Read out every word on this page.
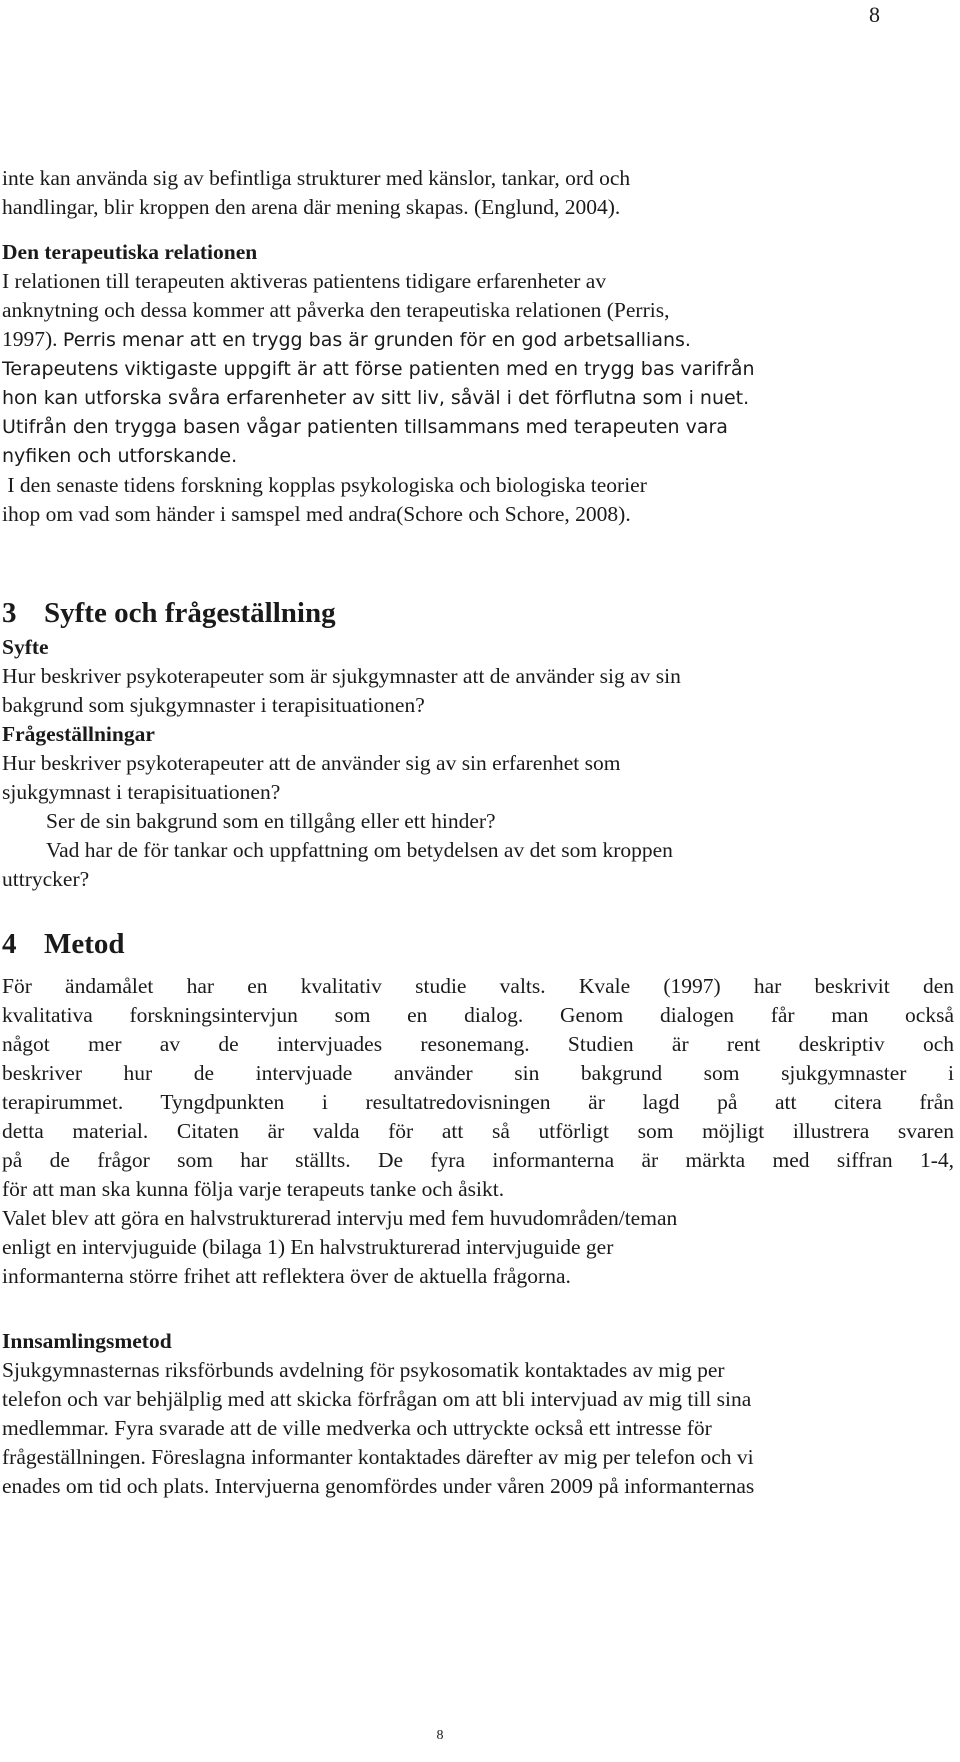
8

inte kan använda sig av befintliga strukturer med känslor, tankar, ord och

handlingar, blir kroppen den arena där mening skapas. (Englund, 2004).

Den terapeutiska relationen

I relationen till terapeuten aktiveras patientens tidigare erfarenheter av

anknytning och dessa kommer att påverka den terapeutiska relationen (Perris,

1997). Perris menar att en trygg bas är grunden för en god arbetsallians.

Terapeutens viktigaste uppgift är att förse patienten med en trygg bas varifrån

hon kan utforska svåra erfarenheter av sitt liv, såväl i det förflutna som i nuet.

Utifrån den trygga basen vågar patienten tillsammans med terapeuten vara

nyfiken och utforskande.

I den senaste tidens forskning kopplas psykologiska och biologiska teorier

ihop om vad som händer i samspel med andra(Schore och Schore, 2008).

3 Syfte och frågeställning

Syfte

Hur beskriver psykoterapeuter som är sjukgymnaster att de använder sig av sin

bakgrund som sjukgymnaster i terapisituationen?

Frågeställningar

Hur beskriver psykoterapeuter att de använder sig av sin erfarenhet som

sjukgymnast i terapisituationen?

Ser de sin bakgrund som en tillgång eller ett hinder?

Vad har de för tankar och uppfattning om betydelsen av det som kroppen

uttrycker?

4 Metod
För ändamålet har en kvalitativ studie valts. Kvale (1997) har beskrivit den
kvalitativa forskningsintervjun som en dialog. Genom dialogen får man också
något mer av de intervjuades resonemang. Studien är rent deskriptiv och
beskriver hur de intervjuade använder sin bakgrund som sjukgymnaster i
terapirummet. Tyngdpunkten i resultatredovisningen är lagd på att citera från
detta material. Citaten är valda för att så utförligt som möjligt illustrera svaren
på de frågor som har ställts. De fyra informanterna är märkta med siffran 1-4,
för att man ska kunna följa varje terapeuts tanke och åsikt.

Valet blev att göra en halvstrukturerad intervju med fem huvudområden/teman

enligt en intervjuguide (bilaga 1) En halvstrukturerad intervjuguide ger

informanterna större frihet att reflektera över de aktuella frågorna.

Innsamlingsmetod

Sjukgymnasternas riksförbunds avdelning för psykosomatik kontaktades av mig per

telefon och var behjälplig med att skicka förfrågan om att bli intervjuad av mig till sina

medlemmar. Fyra svarade att de ville medverka och uttryckte också ett intresse för

frågeställningen. Föreslagna informanter kontaktades därefter av mig per telefon och vi

enades om tid och plats. Intervjuerna genomfördes under våren 2009 på informanternas

8
